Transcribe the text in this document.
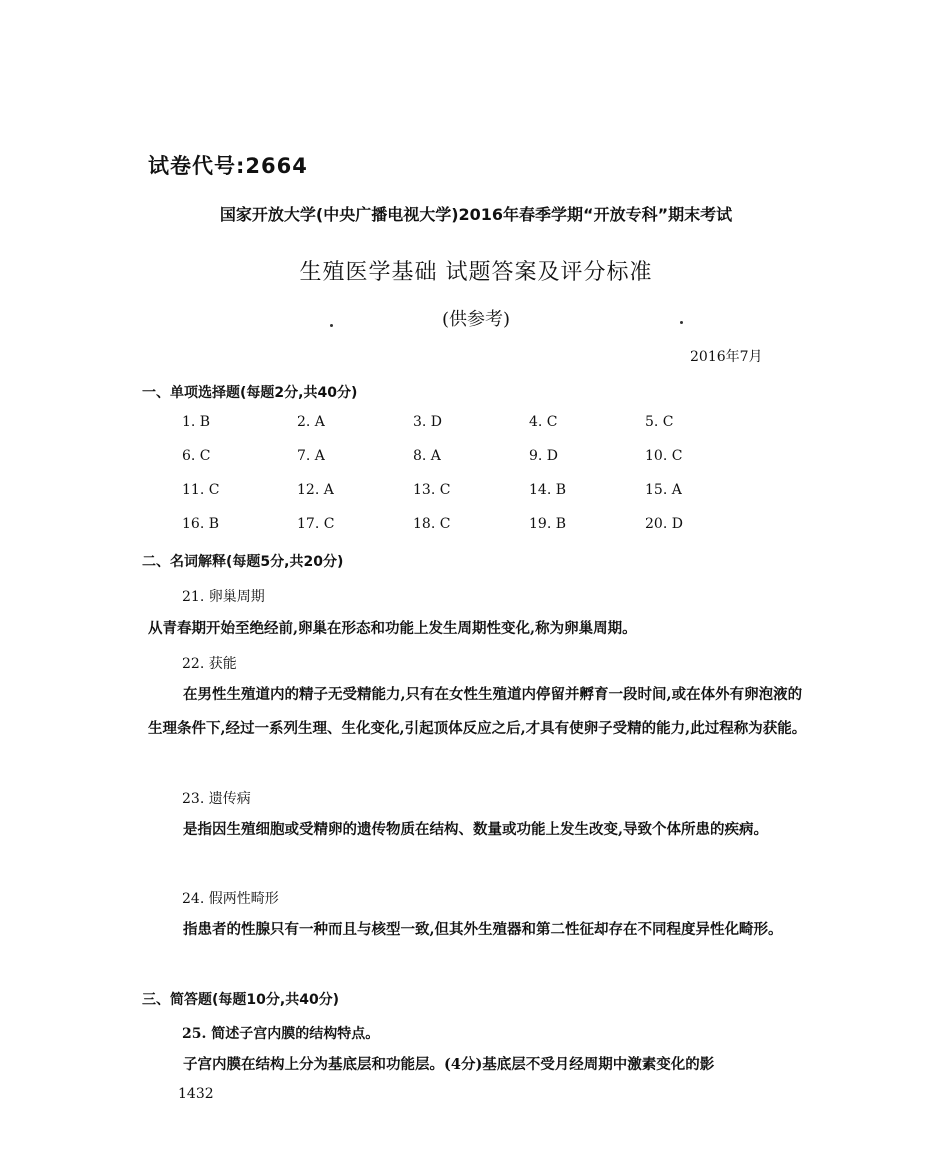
试卷代号:2664
国家开放大学(中央广播电视大学)2016年春季学期“开放专科”期末考试
生殖医学基础 试题答案及评分标准
(供参考)
2016年7月
一、单项选择题(每题2分,共40分)
1. B	2. A	3. D	4. C	5. C
6. C	7. A	8. A	9. D	10. C
11. C	12. A	13. C	14. B	15. A
16. B	17. C	18. C	19. B	20. D
二、名词解释(每题5分,共20分)
21. 卵巢周期
从青春期开始至绝经前,卵巢在形态和功能上发生周期性变化,称为卵巢周期。
22. 获能
在男性生殖道内的精子无受精能力,只有在女性生殖道内停留并孵育一段时间,或在体外有卵泡液的生理条件下,经过一系列生理、生化变化,引起顶体反应之后,才具有使卵子受精的能力,此过程称为获能。
23. 遗传病
是指因生殖细胞或受精卵的遗传物质在结构、数量或功能上发生改变,导致个体所患的疾病。
24. 假两性畸形
指患者的性腺只有一种而且与核型一致,但其外生殖器和第二性征却存在不同程度异性化畸形。
三、简答题(每题10分,共40分)
25. 简述子宫内膜的结构特点。
子宫内膜在结构上分为基底层和功能层。(4分)基底层不受月经周期中激素变化的影
1432
